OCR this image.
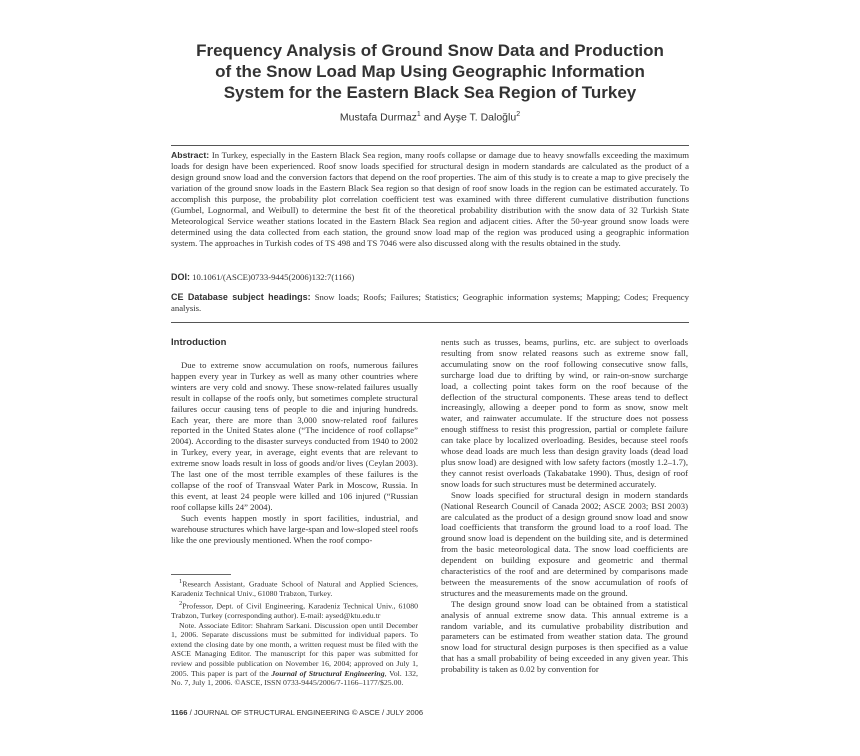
Frequency Analysis of Ground Snow Data and Production
of the Snow Load Map Using Geographic Information
System for the Eastern Black Sea Region of Turkey
Mustafa Durmaz$^1$ and Ayşe T. Daloğlu$^2$
Abstract: In Turkey, especially in the Eastern Black Sea region, many roofs collapse or damage due to heavy snowfalls exceeding the maximum loads for design have been experienced. Roof snow loads specified for structural design in modern standards are calculated as the product of a design ground snow load and the conversion factors that depend on the roof properties. The aim of this study is to create a map to give precisely the variation of the ground snow loads in the Eastern Black Sea region so that design of roof snow loads in the region can be estimated accurately. To accomplish this purpose, the probability plot correlation coefficient test was examined with three different cumulative distribution functions (Gumbel, Lognormal, and Weibull) to determine the best fit of the theoretical probability distribution with the snow data of 32 Turkish State Meteorological Service weather stations located in the Eastern Black Sea region and adjacent cities. After the 50-year ground snow loads were determined using the data collected from each station, the ground snow load map of the region was produced using a geographic information system. The approaches in Turkish codes of TS 498 and TS 7046 were also discussed along with the results obtained in the study.
DOI: 10.1061/(ASCE)0733-9445(2006)132:7(1166)
CE Database subject headings: Snow loads; Roofs; Failures; Statistics; Geographic information systems; Mapping; Codes; Frequency analysis.
Introduction

Due to extreme snow accumulation on roofs, numerous failures happen every year in Turkey as well as many other countries where winters are very cold and snowy. These snow-related failures usually result in collapse of the roofs only, but sometimes complete structural failures occur causing tens of people to die and injuring hundreds. Each year, there are more than 3,000 snow-related roof failures reported in the United States alone (“The incidence of roof collapse” 2004). According to the disaster surveys conducted from 1940 to 2002 in Turkey, every year, in average, eight events that are relevant to extreme snow loads result in loss of goods and/or lives (Ceylan 2003). The last one of the most terrible examples of these failures is the collapse of the roof of Transvaal Water Park in Moscow, Russia. In this event, at least 24 people were killed and 106 injured (“Russian roof collapse kills 24” 2004).

Such events happen mostly in sport facilities, industrial, and warehouse structures which have large-span and low-sloped steel roofs like the one previously mentioned. When the roof compo-

$^1$Research Assistant, Graduate School of Natural and Applied Sciences, Karadeniz Technical Univ., 61080 Trabzon, Turkey.

$^2$Professor, Dept. of Civil Engineering, Karadeniz Technical Univ., 61080 Trabzon, Turkey (corresponding author). E-mail: aysed@ktu.edu.tr

Note. Associate Editor: Shahram Sarkani. Discussion open until December 1, 2006. Separate discussions must be submitted for individual papers. To extend the closing date by one month, a written request must be filed with the ASCE Managing Editor. The manuscript for this paper was submitted for review and possible publication on November 16, 2004; approved on July 1, 2005. This paper is part of the Journal of Structural Engineering, Vol. 132, No. 7, July 1, 2006. ©ASCE, ISSN 0733-9445/2006/7-1166–1177/$25.00.

nents such as trusses, beams, purlins, etc. are subject to overloads resulting from snow related reasons such as extreme snow fall, accumulating snow on the roof following consecutive snow falls, surcharge load due to drifting by wind, or rain-on-snow surcharge load, a collecting point takes form on the roof because of the deflection of the structural components. These areas tend to deflect increasingly, allowing a deeper pond to form as snow, snow melt water, and rainwater accumulate. If the structure does not possess enough stiffness to resist this progression, partial or complete failure can take place by localized overloading. Besides, because steel roofs whose dead loads are much less than design gravity loads (dead load plus snow load) are designed with low safety factors (mostly 1.2–1.7), they cannot resist overloads (Takabatake 1990). Thus, design of roof snow loads for such structures must be determined accurately.

Snow loads specified for structural design in modern standards (National Research Council of Canada 2002; ASCE 2003; BSI 2003) are calculated as the product of a design ground snow load and snow load coefficients that transform the ground load to a roof load. The ground snow load is dependent on the building site, and is determined from the basic meteorological data. The snow load coefficients are dependent on building exposure and geometric and thermal characteristics of the roof and are determined by comparisons made between the measurements of the snow accumulation of roofs of structures and the measurements made on the ground.

The design ground snow load can be obtained from a statistical analysis of annual extreme snow data. This annual extreme is a random variable, and its cumulative probability distribution and parameters can be estimated from weather station data. The ground snow load for structural design purposes is then specified as a value that has a small probability of being exceeded in any given year. This probability is taken as 0.02 by convention for

1166 / JOURNAL OF STRUCTURAL ENGINEERING © ASCE / JULY 2006
